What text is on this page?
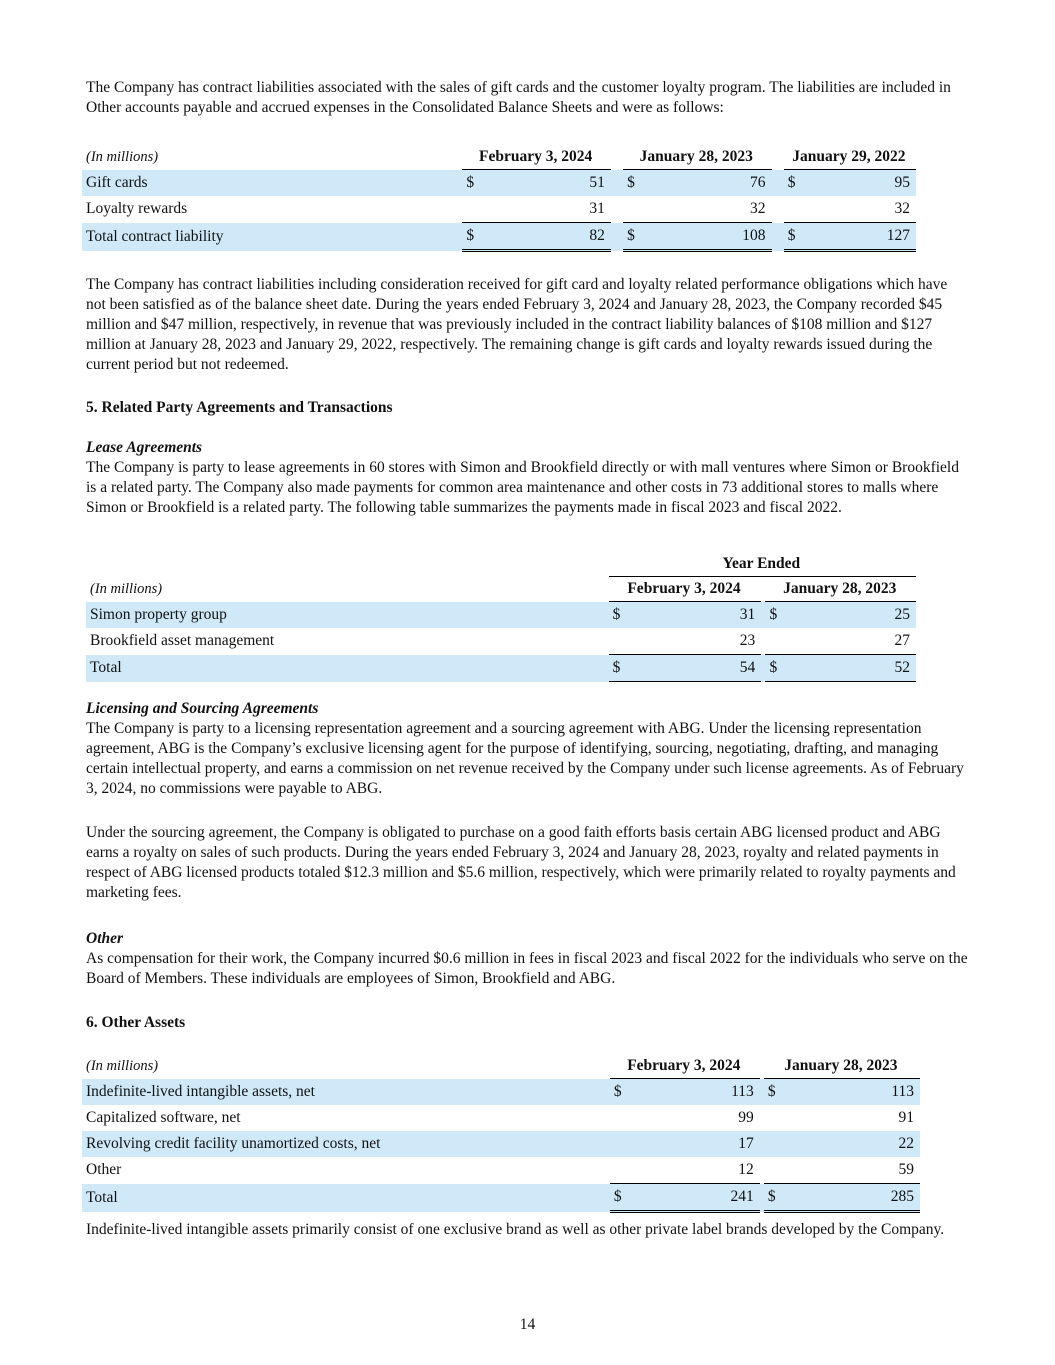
The Company has contract liabilities associated with the sales of gift cards and the customer loyalty program. The liabilities are included in Other accounts payable and accrued expenses in the Consolidated Balance Sheets and were as follows:

(In millions)	February 3, 2024			January 28, 2023			January 29, 2022	
Gift cards	$	51		$	76		$	95
Loyalty rewards		31			32			32
Total contract liability	$	82		$	108		$	127

The Company has contract liabilities including consideration received for gift card and loyalty related performance obligations which have not been satisfied as of the balance sheet date. During the years ended February 3, 2024 and January 28, 2023, the Company recorded $45 million and $47 million, respectively, in revenue that was previously included in the contract liability balances of $108 million and $127 million at January 28, 2023 and January 29, 2022, respectively. The remaining change is gift cards and loyalty rewards issued during the current period but not redeemed.

5. Related Party Agreements and Transactions
Lease Agreements

The Company is party to lease agreements in 60 stores with Simon and Brookfield directly or with mall ventures where Simon or Brookfield is a related party. The Company also made payments for common area maintenance and other costs in 73 additional stores to malls where Simon or Brookfield is a related party. The following table summarizes the payments made in fiscal 2023 and fiscal 2022.

	Year Ended				
(In millions)	February 3, 2024			January 28, 2023	
Simon property group	$	31		$	25
Brookfield asset management		23			27
Total	$	54		$	52
Licensing and Sourcing Agreements

The Company is party to a licensing representation agreement and a sourcing agreement with ABG. Under the licensing representation agreement, ABG is the Company’s exclusive licensing agent for the purpose of identifying, sourcing, negotiating, drafting, and managing certain intellectual property, and earns a commission on net revenue received by the Company under such license agreements. As of February 3, 2024, no commissions were payable to ABG.

Under the sourcing agreement, the Company is obligated to purchase on a good faith efforts basis certain ABG licensed product and ABG earns a royalty on sales of such products. During the years ended February 3, 2024 and January 28, 2023, royalty and related payments in respect of ABG licensed products totaled $12.3 million and $5.6 million, respectively, which were primarily related to royalty payments and marketing fees.

Other

As compensation for their work, the Company incurred $0.6 million in fees in fiscal 2023 and fiscal 2022 for the individuals who serve on the Board of Members. These individuals are employees of Simon, Brookfield and ABG.

6. Other Assets
(In millions)	February 3, 2024			January 28, 2023	
Indefinite-lived intangible assets, net	$	113		$	113
Capitalized software, net		99			91
Revolving credit facility unamortized costs, net		17			22
Other		12			59
Total	$	241		$	285

Indefinite-lived intangible assets primarily consist of one exclusive brand as well as other private label brands developed by the Company.

14
